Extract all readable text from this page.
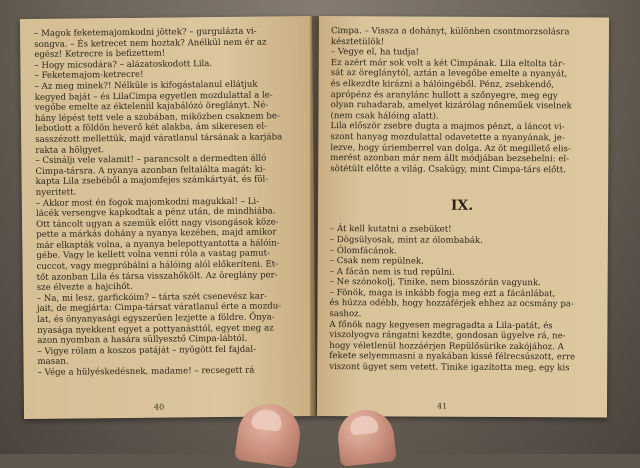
– Magok feketemajomkodni jöttek? – gurgulázta vi-
songva. – És ketrecet nem hoztak? Anélkül nem ér az
egész! Ketrecre is befizettem!
– Hogy micsodára? – alázatoskodott Lila.
– Feketemajom-ketrecre!
– Az meg minek?! Nélküle is kifogástalanul ellátjuk
kegyed baját – és LilaCimpa egyetlen mozdulattal a le-
vegőbe emelte az ékteleniil kajabálózó öreglányt. Né-
hány lépést tett vele a szobában, miközben csaknem be-
lebotlott a földön heverő két alakba, ám sikeresen el-
sasszézott mellettük, majd váratlanul társának a karjába
rakta a hölgyet.
– Csináljı vele valamit! – parancsolt a dermedten álló
Cimpa-társra. A nyanya azonban feltalálta magát: ki-
kapta Lila zsebéből a majomfejes számkártyát, és föl-
nyeritett.
– Akkor most én fogok majomkodni magukkal! – Li-
lácék versengve kapkodtak a pénz után, de mindhiába.
Ott táncolt ugyan a szemük előtt nagy visongások köze-
pette a márkás dohány a nyanya kezében, majd amikor
már elkapták volna, a nyanya belepottyantotta a hálóin-
gébe. Vagy le kellett volna venni róla a vastag pamut-
cuccot, vagy megpróbálni a hálóing alól előkeríteni. Et-
tőt azonban Lila és társa visszahőkölt. Az öreglány per-
sze élvezte a hajcihőt.
– Na, mi lesz, garfickóim? – tárta szét csenevész kar-
jait, de megjárta: Cimpa-társat váratlanul érte a mozdu-
lat, és önyanyasági egyszerűen lezjette a földre. Őnya-
nyasága nyekkent egyet a pottyanásttól, egyet meg az
azon nyomban a hasára süllyesztő Cimpa-lábtól.
– Vigye rólam a koszos patáját – nyögött fel fajdal-
masan.
– Vége a hülyéskedésnek, madame! – recsegett rá
40
Cimpa. – Vissza a dohányt, különben csontmorzsolásra
késztetülök!
– Vegye el, ha tudja!
Ez azért már sok volt a két Cimpának. Lila eltolta tár-
sát az öreglánytól, aztán a levegőbe emelte a nyanyát,
és elkezdte kirázni a hálóingéből. Pénz, zsebkendő,
aprópénz és aranylánc hullott a szőnyegre, meg egy
olyan ruhadarab, amelyet kizárólag nőneműek viselnek
(nem csak hálóing alatt).
Lila először zsebre dugta a majmos pénzt, a láncot vi-
szont hanyag mozdulattal odavetette a nyanyának, je-
lezve, hogy úriemberrel van dolga. Az öt megillető elis-
merést azonban már nem állt módjában bezsebelni: el-
sötétült előtte a világ. Csakúgy, mint Cimpa-társ előtt.
IX.
– Át kell kutatni a zsebüket!
– Dögsülyosak, mint az ólombabák.
– Ólomfácánok.
– Csak nem repülnek.
– A fácán nem is tud repülni.
– Ne szónokolj, Tinike, nem biosszórán vagyunk.
– Fönök, maga is inkább fogja meg ezt a fácánlábat,
és húzza odébb, hogy hozzáférjek ehhez az ocsmány pa-
sashoz.
A főnök nagy kegyesen megragadta a Lila-patát, és
viszolyogva rángatni kezdte, gondosan ügyelve rá, ne-
hogy véletlenül hozzáérjen Repülősürike zakójához. A
fekete selyemmasni a nyakában kissé félrecsúszott, erre
viszont ügyet sem vetett. Tinike igazította meg, egy kis
41
